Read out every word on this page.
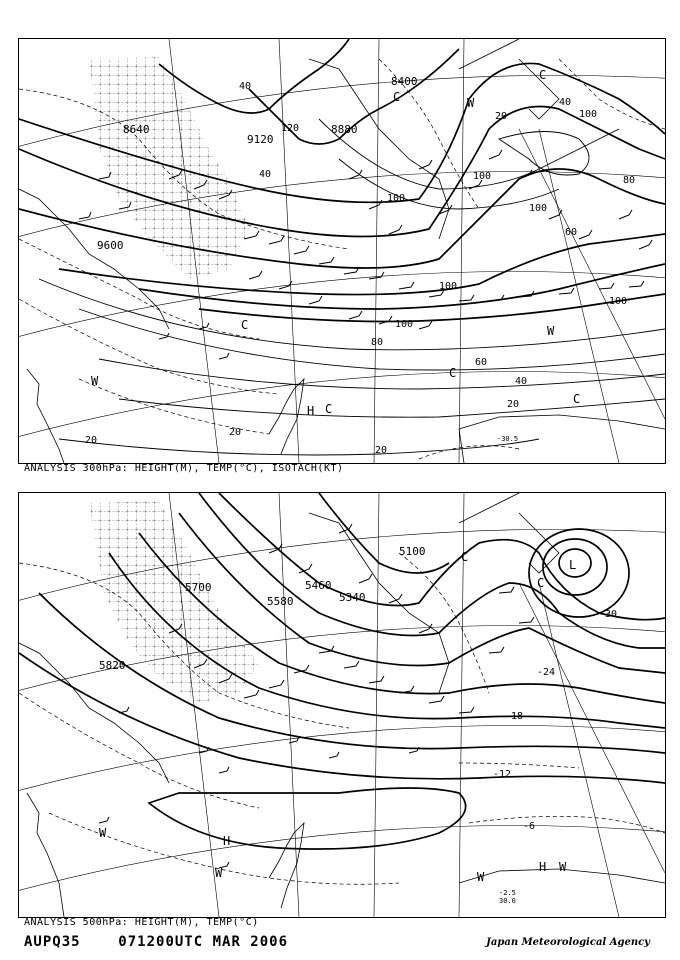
8400
8640
9120
8880
9600
40
40
40
20	100
100
100
100
100
100
100
80
80
60
60
40
20
20
20
20
120
C
C
C
C
C
C
W
W
W
H
-30.5
ANALYSIS 300hPa: HEIGHT(M), TEMP(°C), ISOTACH(KT)
5100
5700
5580
5460
5340
5820
-30
-24
-18
-12
-6
C
C
L
W
W	W
W
H
H
-2.5
30.0
ANALYSIS 500hPa: HEIGHT(M), TEMP(°C)
AUPQ35	071200UTC MAR 2006	Japan Meteorological Agency
